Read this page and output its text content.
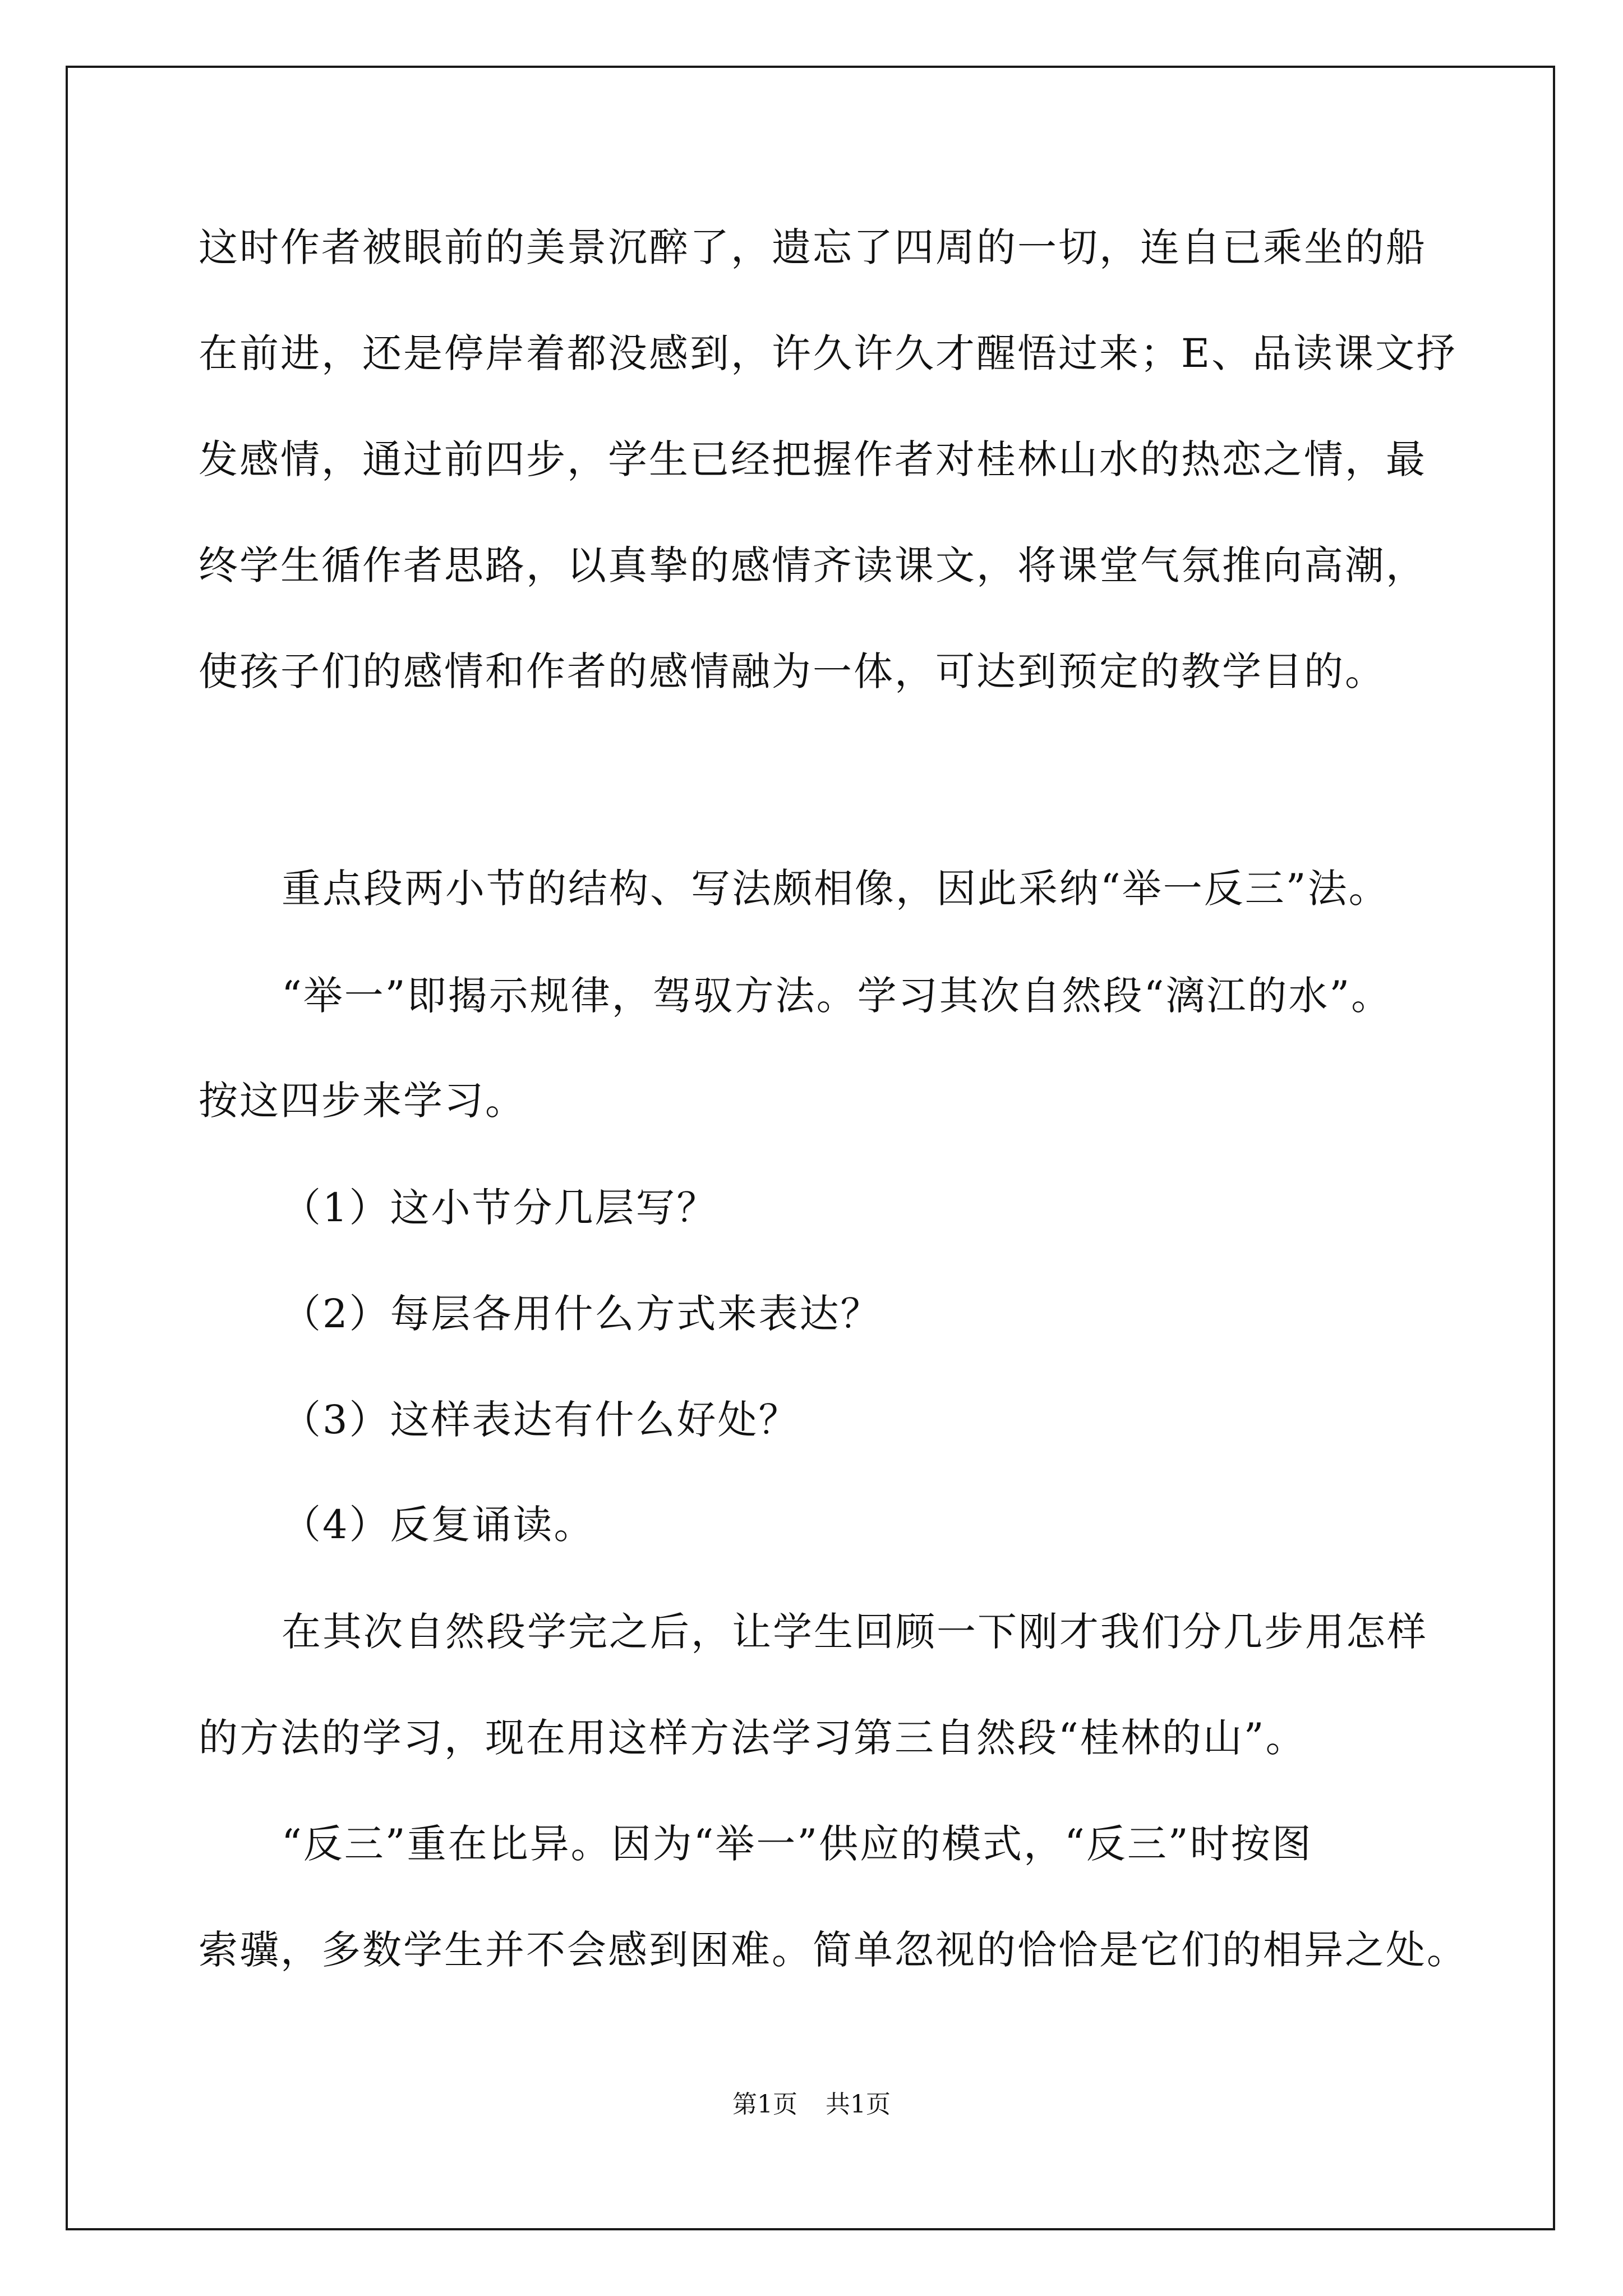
这时作者被眼前的美景沉醉了，遗忘了四周的一切，连自已乘坐的船

在前进，还是停岸着都没感到，许久许久才醒悟过来；E、品读课文抒

发感情，通过前四步，学生已经把握作者对桂林山水的热恋之情，最

终学生循作者思路，以真挚的感情齐读课文，将课堂气氛推向高潮，

使孩子们的感情和作者的感情融为一体，可达到预定的教学目的。

重点段两小节的结构、写法颇相像，因此采纳“举一反三”法。

“举一”即揭示规律，驾驭方法。学习其次自然段“漓江的水”。

按这四步来学习。

（1）这小节分几层写？

（2）每层各用什么方式来表达？

（3）这样表达有什么好处？

（4）反复诵读。

在其次自然段学完之后，让学生回顾一下刚才我们分几步用怎样

的方法的学习，现在用这样方法学习第三自然段“桂林的山”。

“反三”重在比异。因为“举一”供应的模式，“反三”时按图

索骥，多数学生并不会感到困难。简单忽视的恰恰是它们的相异之处。

第1页 共1页
